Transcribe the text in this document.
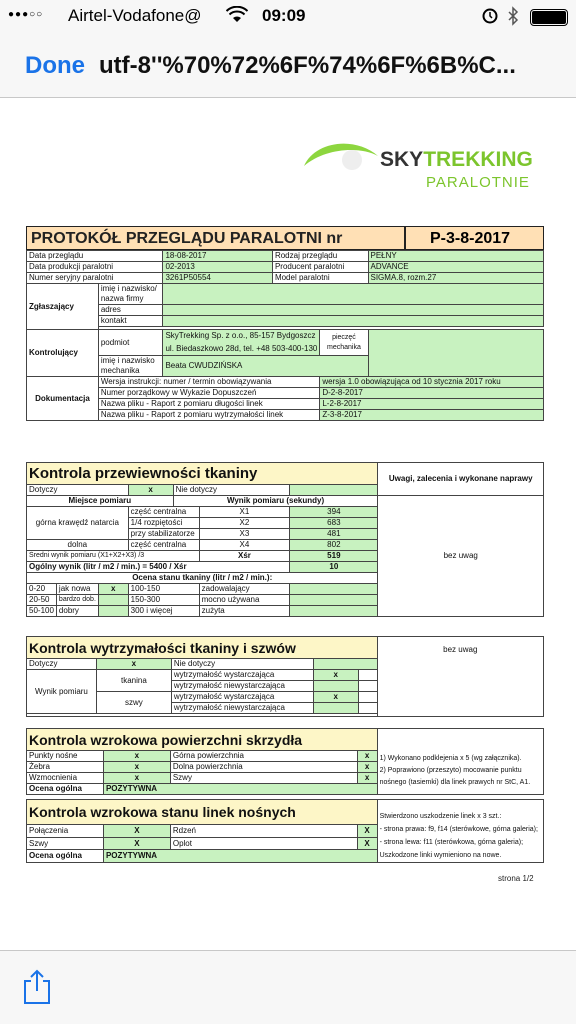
●●●○○ Airtel-Vodafone@	09:09
Done utf-8''%70%72%6F%74%6F%6B%C...
SKYTREKKING
PARALOTNIE
PROTOKÓŁ PRZEGLĄDU PARALOTNI nr	P-3-8-2017
Data przeglądu		18-08-2017	Rodzaj przeglądu		PEŁNY
Data produkcji paralotni		02-2013	Producent paralotni		ADVANCE
Numer seryjny paralotni		3261P50554	Model paralotni		SIGMA.8, rozm.27
Zgłaszający	imię i nazwisko/ nazwa firmy				
	adres				
	kontakt				

Kontrolujący	podmiot	SkyTrekking Sp. z o.o., 85-157 Bydgoszcz		pieczęć mechanika	
		ul. Biedaszkowo 28d, tel. +48 503-400-130			
	imię i nazwisko mechanika	Beata CWUDZIŃSKA			
Dokumentacja	Wersja instrukcji: numer / termin obowiązywania			wersja 1.0 obowiązująca od 10 stycznia 2017 roku	
	Numer porządkowy w Wykazie Dopuszczeń			D-2-8-2017	
	Nazwa pliku - Raport z pomiaru długości linek			L-2-8-2017	
	Nazwa pliku - Raport z pomiaru wytrzymałości linek			Z-3-8-2017	
Kontrola przewiewności tkaniny							Uwagi, zalecenia i wykonane naprawy
Dotyczy			x	Nie dotyczy			
Miejsce pomiaru				Wynik pomiaru (sekundy)			bez uwag
górna krawędź natarcia			część centralna		X1	394	
			1/4 rozpiętości		X2	683	
			przy stabilizatorze		X3	481	
dolna			część centralna		X4	802	
Średni wynik pomiaru (X1+X2+X3) /3					Xśr	519	
Ogólny wynik (litr / m2 / min.) = 5400 / Xśr						10	
Ocena stanu tkaniny (litr / m2 / min.):							
0-20	jak nowa	x	100-150		zadowalający		
20-50	bardzo dob.		150-300		mocno używana		
50-100	dobry		300 i więcej		zużyta		
Kontrola wytrzymałości tkaniny i szwów					bez uwag
Dotyczy	x	Nie dotyczy			
Wynik pomiaru	tkanina	wytrzymałość wystarczająca	x		
		wytrzymałość niewystarczająca			
	szwy	wytrzymałość wystarczająca	x		
		wytrzymałość niewystarczająca			

Kontrola wzrokowa powierzchni skrzydła				1) Wykonano podklejenia x 5 (wg załącznika).
2) Poprawiono (przeszyto) mocowanie punktu
nośnego (tasiemki) dla linek prawych nr StC, A1.
Punkty nośne	x	Górna powierzchnia	x	
Żebra	x	Dolna powierzchnia	x	
Wzmocnienia	x	Szwy	x	
Ocena ogólna	POZYTYWNA			
Kontrola wzrokowa stanu linek nośnych				Stwierdzono uszkodzenie linek x 3 szt.:
- strona prawa: f9, f14 (sterówkowe, górna galeria);
- strona lewa: f11 (sterówkowa, górna galeria);
Uszkodzone linki wymieniono na nowe.
Połączenia	X	Rdzeń	X	
Szwy	X	Oplot	X	
Ocena ogólna	POZYTYWNA			
strona 1/2
